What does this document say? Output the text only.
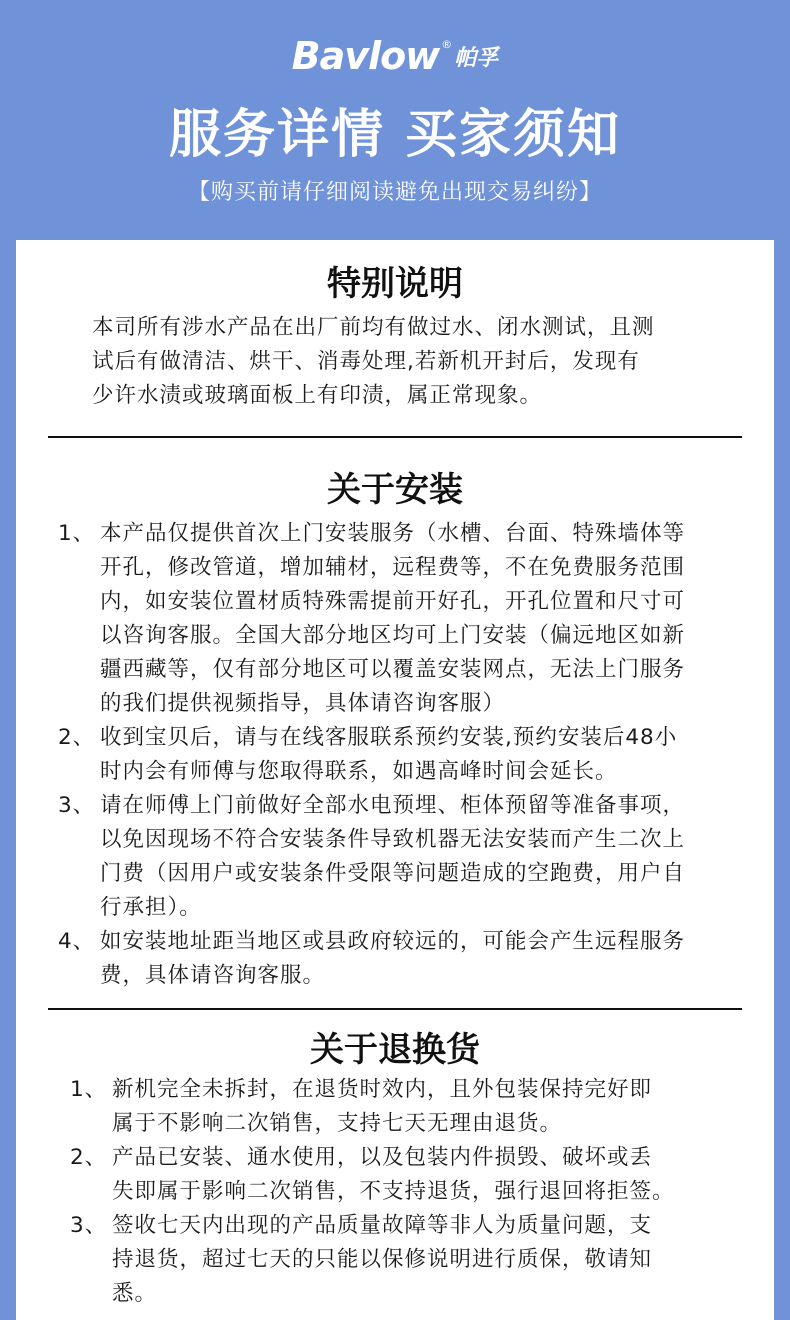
Bavlow ®帕孚
服务详情 买家须知
【购买前请仔细阅读避免出现交易纠纷】
特别说明
本司所有涉水产品在出厂前均有做过水、闭水测试，且测
试后有做清洁、烘干、消毒处理,若新机开封后，发现有
少许水渍或玻璃面板上有印渍，属正常现象。
关于安装
1、 本产品仅提供首次上门安装服务（水槽、台面、特殊墙体等
开孔，修改管道，增加辅材，远程费等，不在免费服务范围
内，如安装位置材质特殊需提前开好孔，开孔位置和尺寸可
以咨询客服。全国大部分地区均可上门安装（偏远地区如新
疆西藏等，仅有部分地区可以覆盖安装网点，无法上门服务
的我们提供视频指导，具体请咨询客服）
2、 收到宝贝后，请与在线客服联系预约安装,预约安装后48小
时内会有师傅与您取得联系，如遇高峰时间会延长。
3、 请在师傅上门前做好全部水电预埋、柜体预留等准备事项，
以免因现场不符合安装条件导致机器无法安装而产生二次上
门费（因用户或安装条件受限等问题造成的空跑费，用户自
行承担）。
4、 如安装地址距当地区或县政府较远的，可能会产生远程服务
费，具体请咨询客服。
关于退换货
1、 新机完全未拆封，在退货时效内，且外包装保持完好即
属于不影响二次销售，支持七天无理由退货。
2、 产品已安装、通水使用，以及包装内件损毁、破坏或丢
失即属于影响二次销售，不支持退货，强行退回将拒签。
3、 签收七天内出现的产品质量故障等非人为质量问题，支
持退货，超过七天的只能以保修说明进行质保，敬请知
悉。
